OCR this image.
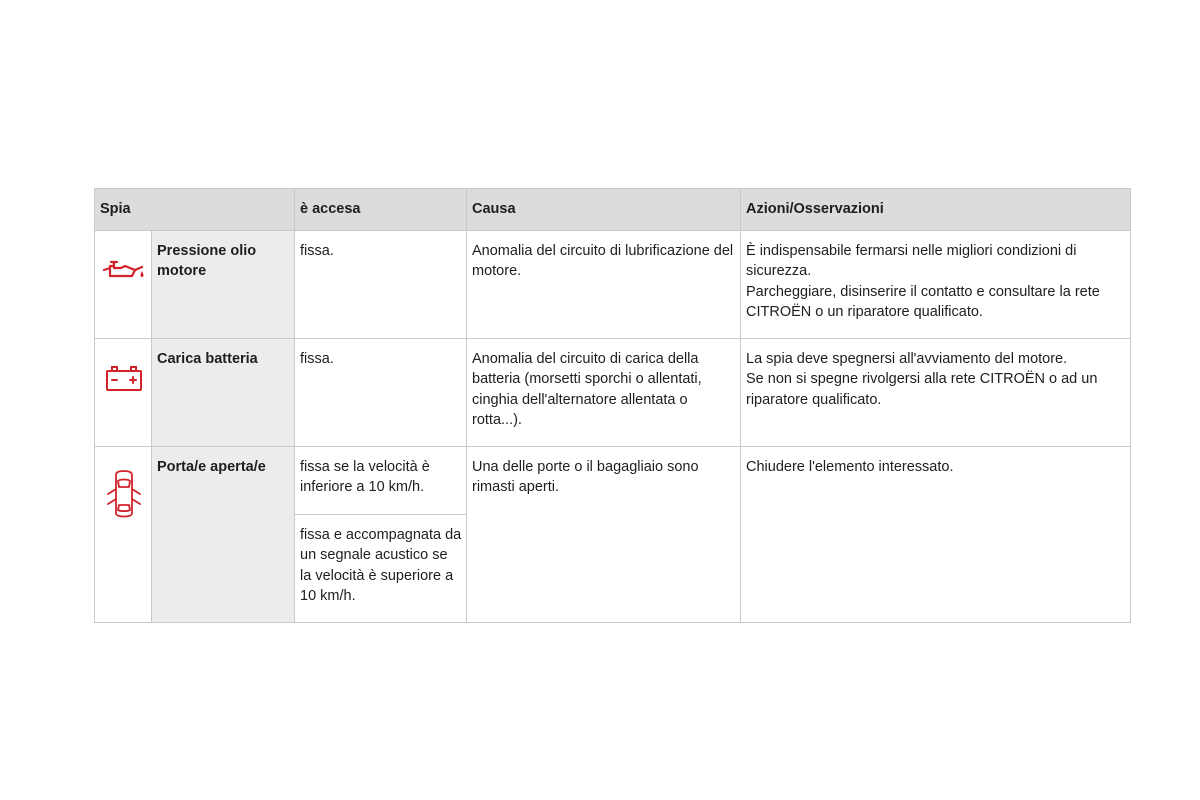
Spia		è accesa	Causa	Azioni/Osservazioni

	Pressione olio motore	fissa.	Anomalia del circuito di lubrificazione del motore.	È indispensabile fermarsi nelle migliori condizioni di sicurezza.
Parcheggiare, disinserire il contatto e consultare la rete CITROËN o un riparatore qualificato.

	Carica batteria	fissa.	Anomalia del circuito di carica della batteria (morsetti sporchi o allentati, cinghia dell'alternatore allentata o rotta...).	La spia deve spegnersi all'avviamento del motore.
Se non si spegne rivolgersi alla rete CITROËN o ad un riparatore qualificato.

	Porta/e aperta/e	fissa se la velocità è inferiore a 10 km/h.	Una delle porte o il bagagliaio sono rimasti aperti.	Chiudere l'elemento interessato.
		fissa e accompagnata da un segnale acustico se la velocità è superiore a 10 km/h.		
